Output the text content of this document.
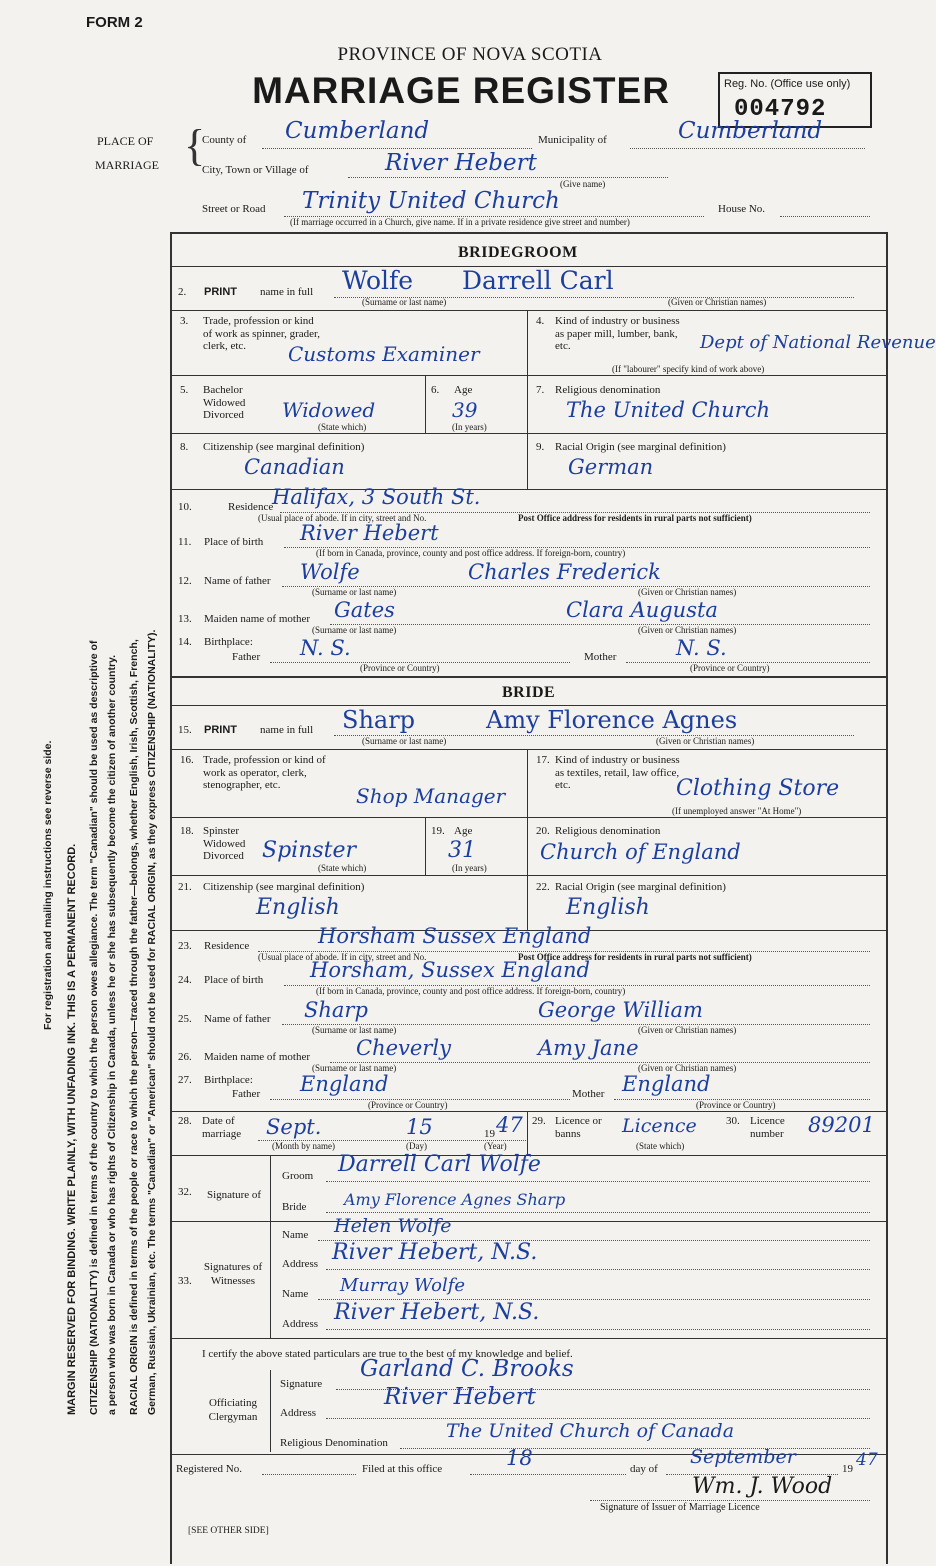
FORM 2
PROVINCE OF NOVA SCOTIA
MARRIAGE REGISTER	Reg. No. (Office use only)
004792
For registration and mailing instructions see reverse side. MARGIN RESERVED FOR BINDING. WRITE PLAINLY, WITH UNFADING INK. THIS IS A PERMANENT RECORD. CITIZENSHIP (NATIONALITY) is defined in terms of the country to which the person owes allegiance. The term "Canadian" should be used as descriptive of a person who was born in Canada or who has rights of Citizenship in Canada, unless he or she has subsequently become the citizen of another country. RACIAL ORIGIN is defined in terms of the people or race to which the person—traced through the father—belongs, whether English, Irish, Scottish, French, German, Russian, Ukrainian, etc. The terms "Canadian" or "American" should not be used for RACIAL ORIGIN, as they express CITIZENSHIP (NATIONALITY).
PLACE OF
MARRIAGE {
County of Cumberland	Municipality of	Cumberland
City, Town or Village of	River Hebert
(Give name)
Street or Road Trinity United Church	House No.
(If marriage occurred in a Church, give name. If in a private residence give street and number)
BRIDEGROOM
2. PRINT name in full Wolfe Darrell Carl
(Surname or last name)	(Given or Christian names)
3. Trade, profession or kind of work as spinner, grader, clerk, etc.	Customs Examiner
4. Kind of industry or business as paper mill, lumber, bank, etc.	Dept of National Revenue
(If "labourer" specify kind of work above)
5. Bachelor Widowed Divorced	Widowed
(State which)
6. Age
39
(In years)
7. Religious denomination
The United Church
8. Citizenship (see marginal definition)
Canadian
9. Racial Origin (see marginal definition)
German
10.	Residence
Halifax, 3 South St.
(Usual place of abode. If in city, street and No.	Post Office address for residents in rural parts not sufficient)
11. Place of birth River Hebert
(If born in Canada, province, county and post office address. If foreign-born, country)
12. Name of father Wolfe	Charles Frederick
(Surname or last name)	(Given or Christian names)
13. Maiden name of mother Gates	Clara Augusta
(Surname or last name)	(Given or Christian names)
14. Birthplace:
Father N. S.	Mother	N. S.
(Province or Country)	(Province or Country)
BRIDE
15. PRINT name in full Sharp	Amy Florence Agnes
(Surname or last name)	(Given or Christian names)
16. Trade, profession or kind of work as operator, clerk, stenographer, etc.	Shop Manager
17. Kind of industry or business as textiles, retail, law office, etc.	Clothing Store
(If unemployed answer "At Home")
18. Spinster Widowed Divorced Spinster
(State which)
19. Age
31
(In years)
20. Religious denomination
Church of England
21. Citizenship (see marginal definition)
English
22. Racial Origin (see marginal definition)
English
23. Residence	Horsham Sussex England
(Usual place of abode. If in city, street and No.	Post Office address for residents in rural parts not sufficient)
24. Place of birth Horsham, Sussex England
(If born in Canada, province, county and post office address. If foreign-born, country)
25. Name of father Sharp	George William
(Surname or last name)	(Given or Christian names)
26. Maiden name of mother Cheverly	Amy Jane
(Surname or last name)	(Given or Christian names)
27. Birthplace:
Father England	Mother England
(Province or Country)	(Province or Country)
28. Date of marriage	Sept.	15	19 47
(Month by name)	(Day)	(Year)
29. Licence or banns	Licence
(State which)
30. Licence number	89201
32. Signature of
Groom Darrell Carl Wolfe
Bride Amy Florence Agnes Sharp
33.
Signatures of Witnesses
Name Helen Wolfe
Address River Hebert, N.S.
Name Murray Wolfe
Address River Hebert, N.S.
I certify the above stated particulars are true to the best of my knowledge and belief.
Officiating Clergyman
Signature
Garland C. Brooks
Address
River Hebert
Religious Denomination
The United Church of Canada
Registered No.	Filed at this office	18	day of
September
19 47
Wm. J. Wood
Signature of Issuer of Marriage Licence
[SEE OTHER SIDE]
